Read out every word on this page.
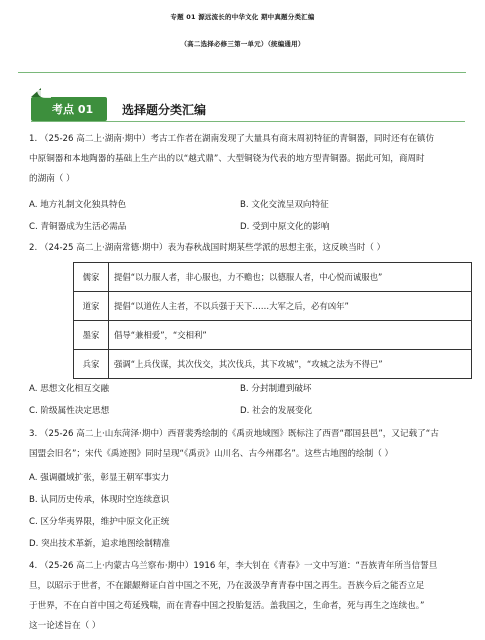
专题 01 源远流长的中华文化 期中真题分类汇编
（高二选择必修三第一单元）（统编通用）
考点 01 选择题分类汇编
1. （25-26 高二上·湖南·期中）考古工作者在湖南发现了大量具有商末周初特征的青铜器，同时还有在镇仿
中原铜器和本地陶器的基础上生产出的以“越式鼎”、大型铜铙为代表的地方型青铜器。据此可知，商周时
的湖南（ ）
A. 地方礼制文化独具特色	B. 文化交流呈双向特征
C. 青铜器成为生活必需品	D. 受到中原文化的影响
2. （24-25 高二上·湖南常德·期中）表为春秋战国时期某些学派的思想主张，这反映当时（ ）
儒家	提倡“以力服人者，非心服也，力不赡也；以德服人者，中心悦而诚服也”
道家	提倡“以道佐人主者，不以兵强于天下……大军之后，必有凶年”
墨家	倡导“兼相爱”，“交相利”
兵家	强调“上兵伐谋，其次伐交，其次伐兵，其下攻城”，“攻城之法为不得已”
A. 思想文化相互交融	B. 分封制遭到破坏
C. 阶级属性决定思想	D. 社会的发展变化
3. （25-26 高二上·山东菏泽·期中）西晋裴秀绘制的《禹贡地域图》既标注了西晋“郡国县邑”，又记载了“古
国盟会旧名”；宋代《禹迹图》同时呈现“《禹贡》山川名、古今州郡名”。这些古地图的绘制（ ）
A. 强调疆域扩张，彰显王朝军事实力
B. 认同历史传承，体现时空连续意识
C. 区分华夷界限，维护中原文化正统
D. 突出技术革新，追求地图绘制精准
4. （25-26 高二上·内蒙古乌兰察布·期中）1916 年，李大钊在《青春》一文中写道：“吾族青年所当信誓旦
旦，以昭示于世者，不在龈龈辩证白首中国之不死，乃在汲汲孕育青春中国之再生。吾族今后之能否立足
于世界，不在白首中国之苟延残喘，而在青春中国之投胎复活。盖我国之，生命者，死与再生之连续也。”
这一论述旨在（ ）
